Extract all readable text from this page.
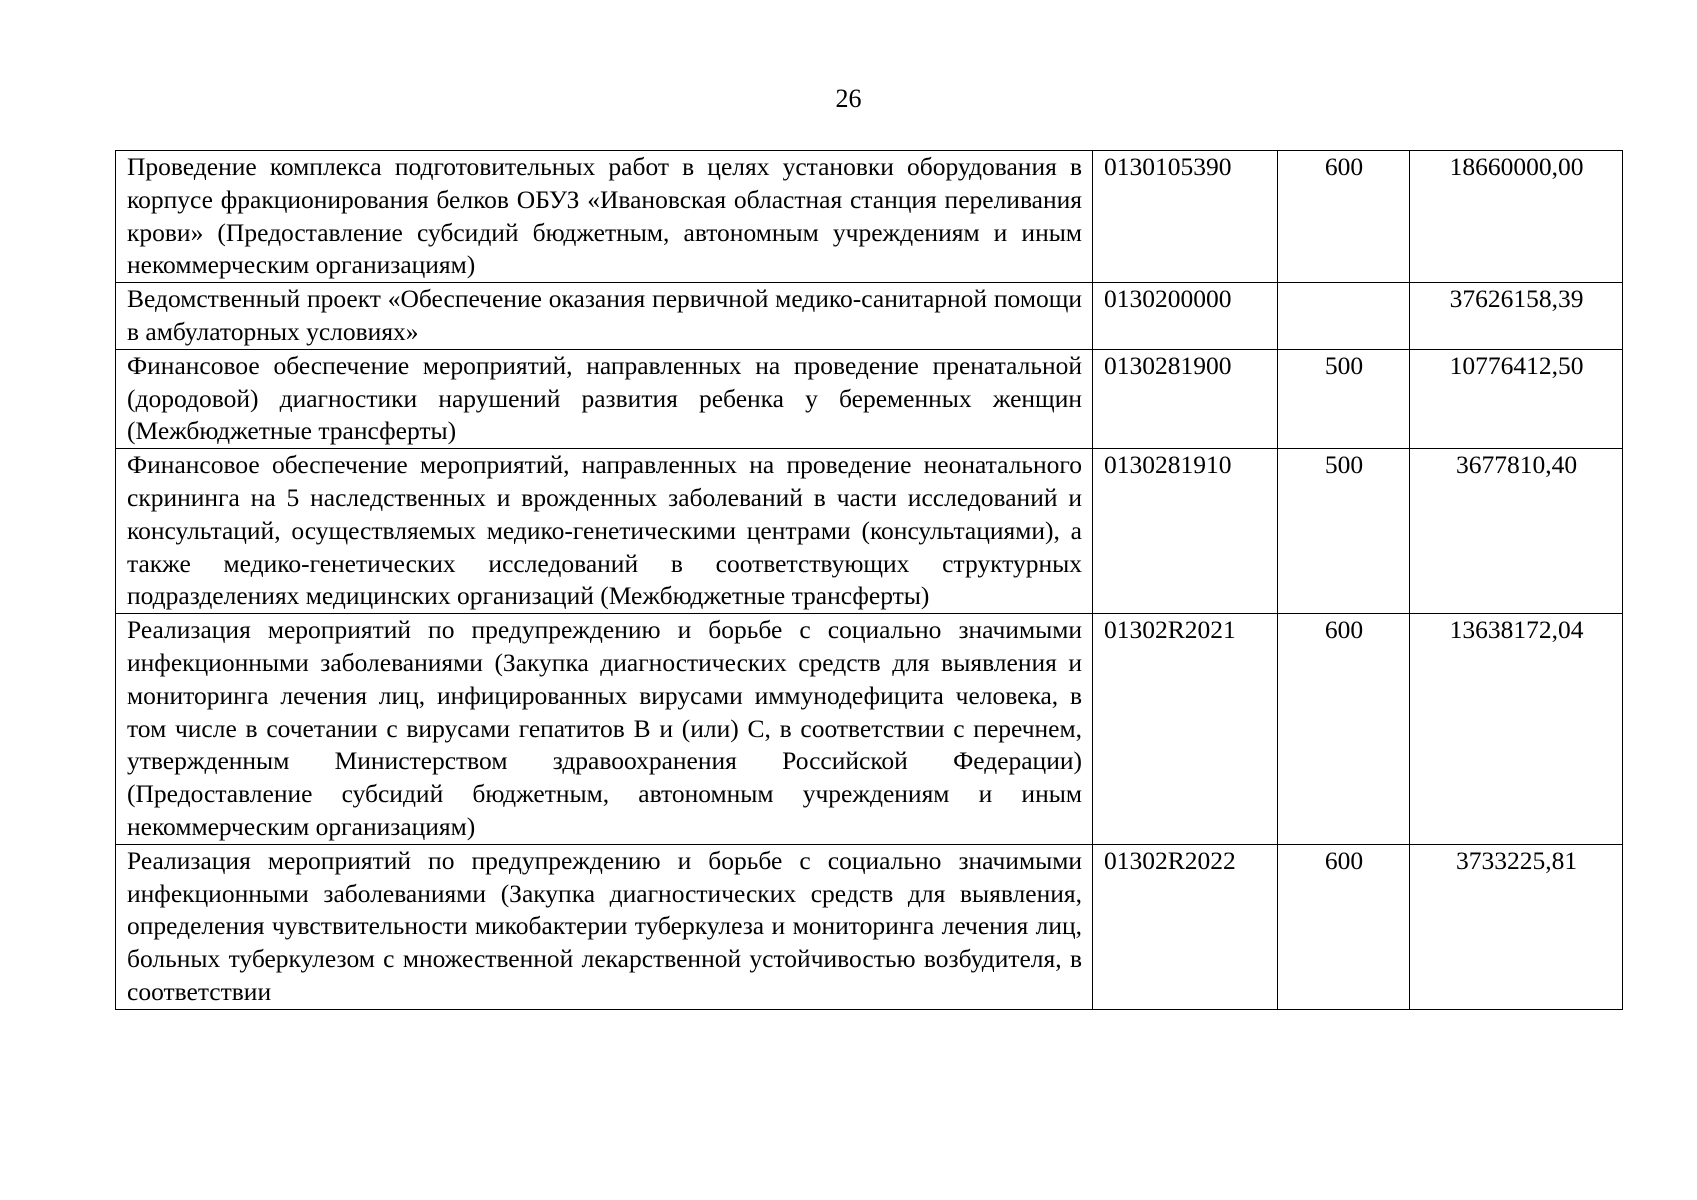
26
Проведение комплекса подготовительных работ в целях установки оборудования в корпусе фракционирования белков ОБУЗ «Ивановская областная станция переливания крови» (Предоставление субсидий бюджетным, автономным учреждениям и иным некоммерческим организациям)	0130105390	600	18660000,00
Ведомственный проект «Обеспечение оказания первичной медико-санитарной помощи в амбулаторных условиях»	0130200000		37626158,39
Финансовое обеспечение мероприятий, направленных на проведение пренатальной (дородовой) диагностики нарушений развития ребенка у беременных женщин (Межбюджетные трансферты)	0130281900	500	10776412,50
Финансовое обеспечение мероприятий, направленных на проведение неонатального скрининга на 5 наследственных и врожденных заболеваний в части исследований и консультаций, осуществляемых медико-генетическими центрами (консультациями), а также медико-генетических исследований в соответствующих структурных подразделениях медицинских организаций (Межбюджетные трансферты)	0130281910	500	3677810,40
Реализация мероприятий по предупреждению и борьбе с социально значимыми инфекционными заболеваниями (Закупка диагностических средств для выявления и мониторинга лечения лиц, инфицированных вирусами иммунодефицита человека, в том числе в сочетании с вирусами гепатитов B и (или) C, в соответствии с перечнем, утвержденным Министерством здравоохранения Российской Федерации) (Предоставление субсидий бюджетным, автономным учреждениям и иным некоммерческим организациям)	01302R2021	600	13638172,04
Реализация мероприятий по предупреждению и борьбе с социально значимыми инфекционными заболеваниями (Закупка диагностических средств для выявления, определения чувствительности микобактерии туберкулеза и мониторинга лечения лиц, больных туберкулезом с множественной лекарственной устойчивостью возбудителя, в соответствии	01302R2022	600	3733225,81
